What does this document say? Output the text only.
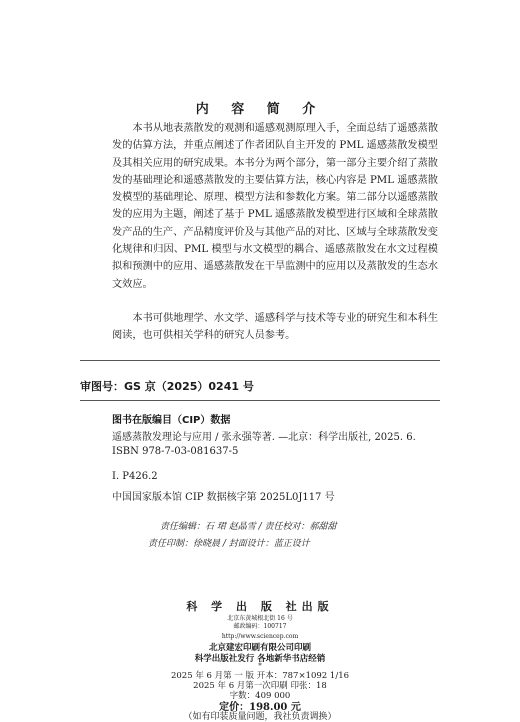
内 容 简 介

本书从地表蒸散发的观测和遥感观测原理入手，全面总结了遥感蒸散发的估算方法，并重点阐述了作者团队自主开发的 PML 遥感蒸散发模型及其相关应用的研究成果。本书分为两个部分，第一部分主要介绍了蒸散发的基础理论和遥感蒸散发的主要估算方法，核心内容是 PML 遥感蒸散发模型的基础理论、原理、模型方法和参数化方案。第二部分以遥感蒸散发的应用为主题，阐述了基于 PML 遥感蒸散发模型进行区域和全球蒸散发产品的生产、产品精度评价及与其他产品的对比、区域与全球蒸散发变化规律和归因、PML 模型与水文模型的耦合、遥感蒸散发在水文过程模拟和预测中的应用、遥感蒸散发在干旱监测中的应用以及蒸散发的生态水文效应。

本书可供地理学、水文学、遥感科学与技术等专业的研究生和本科生阅读，也可供相关学科的研究人员参考。

审图号：GS 京（2025）0241 号
图书在版编目（CIP）数据
遥感蒸散发理论与应用 / 张永强等著. —北京：科学出版社, 2025. 6.
ISBN 978-7-03-081637-5
Ⅰ. P426.2
中国国家版本馆 CIP 数据核字第 2025L0J117 号
责任编辑：石 珺 赵晶雪 / 责任校对：郝甜甜
责任印制：徐晓晨 / 封面设计：蓝正设计
科 学 出 版 社出版
北京东黄城根北街 16 号
邮政编码：100717
http://www.sciencep.com
北京建宏印刷有限公司印刷
科学出版社发行 各地新华书店经销
*
2025 年 6 月第 一 版 开本：787×1092 1/16
2025 年 6 月第一次印刷 印张：18
字数：409 000
定价：198.00 元
（如有印装质量问题，我社负责调换）
